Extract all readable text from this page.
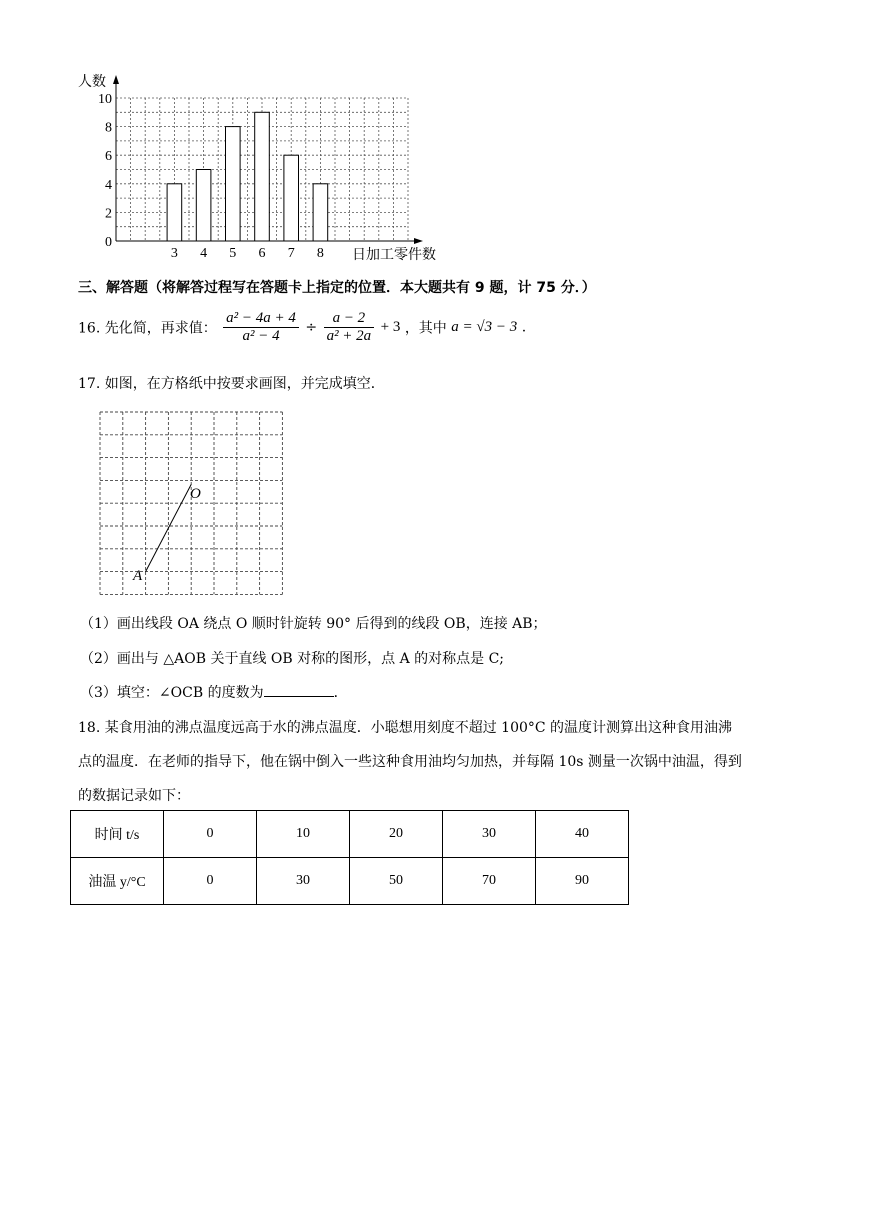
0
2
4
6
8
10
人数
日加工零件数
3 4 5 6 7 8
三、解答题（将解答过程写在答题卡上指定的位置．本大题共有 9 题，计 75 分．）
16. 先化简，再求值： $\frac{\text{a² − 4a + 4}}{\text{a² − 4}} \div \frac{a - 2}{\text{a² + 2a}} + 3$ ，其中 a = √3 − 3 .
17. 如图，在方格纸中按要求画图，并完成填空．
O
A
（1）画出线段 OA 绕点 O 顺时针旋转 90° 后得到的线段 OB，连接 AB；
（2）画出与 △AOB 关于直线 OB 对称的图形，点 A 的对称点是 C;
（3）填空：∠OCB 的度数为	．
18. 某食用油的沸点温度远高于水的沸点温度．小聪想用刻度不超过 100°C 的温度计测算出这种食用油沸
点的温度．在老师的指导下，他在锅中倒入一些这种食用油均匀加热，并每隔 10s 测量一次锅中油温，得到
的数据记录如下：
时间 t/s	0	10	20	30	40
油温 y/°C	0	30	50	70	90
